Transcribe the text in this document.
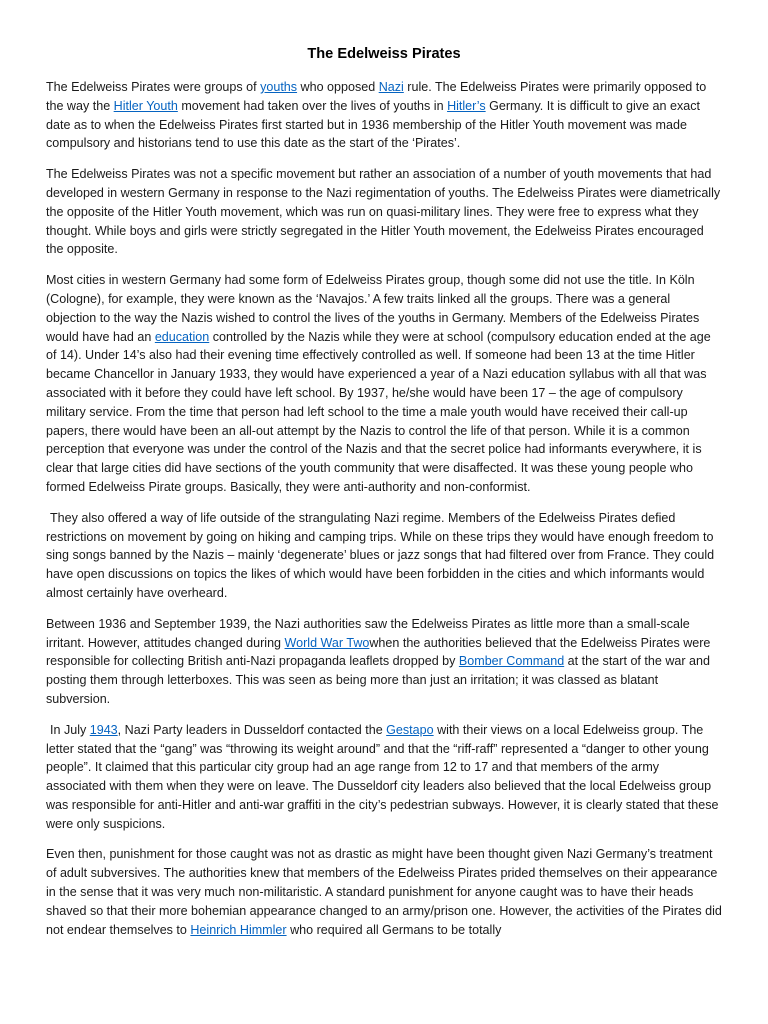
The Edelweiss Pirates

The Edelweiss Pirates were groups of youths who opposed Nazi rule. The Edelweiss Pirates were primarily opposed to the way the Hitler Youth movement had taken over the lives of youths in Hitler’s Germany. It is difficult to give an exact date as to when the Edelweiss Pirates first started but in 1936 membership of the Hitler Youth movement was made compulsory and historians tend to use this date as the start of the ‘Pirates’.

The Edelweiss Pirates was not a specific movement but rather an association of a number of youth movements that had developed in western Germany in response to the Nazi regimentation of youths. The Edelweiss Pirates were diametrically the opposite of the Hitler Youth movement, which was run on quasi-military lines. They were free to express what they thought. While boys and girls were strictly segregated in the Hitler Youth movement, the Edelweiss Pirates encouraged the opposite.

Most cities in western Germany had some form of Edelweiss Pirates group, though some did not use the title. In Köln (Cologne), for example, they were known as the ‘Navajos.’ A few traits linked all the groups. There was a general objection to the way the Nazis wished to control the lives of the youths in Germany. Members of the Edelweiss Pirates would have had an education controlled by the Nazis while they were at school (compulsory education ended at the age of 14). Under 14’s also had their evening time effectively controlled as well. If someone had been 13 at the time Hitler became Chancellor in January 1933, they would have experienced a year of a Nazi education syllabus with all that was associated with it before they could have left school. By 1937, he/she would have been 17 – the age of compulsory military service. From the time that person had left school to the time a male youth would have received their call-up papers, there would have been an all-out attempt by the Nazis to control the life of that person. While it is a common perception that everyone was under the control of the Nazis and that the secret police had informants everywhere, it is clear that large cities did have sections of the youth community that were disaffected. It was these young people who formed Edelweiss Pirate groups. Basically, they were anti-authority and non-conformist.

They also offered a way of life outside of the strangulating Nazi regime. Members of the Edelweiss Pirates defied restrictions on movement by going on hiking and camping trips. While on these trips they would have enough freedom to sing songs banned by the Nazis – mainly ‘degenerate’ blues or jazz songs that had filtered over from France. They could have open discussions on topics the likes of which would have been forbidden in the cities and which informants would almost certainly have overheard.

Between 1936 and September 1939, the Nazi authorities saw the Edelweiss Pirates as little more than a small-scale irritant. However, attitudes changed during World War Twowhen the authorities believed that the Edelweiss Pirates were responsible for collecting British anti-Nazi propaganda leaflets dropped by Bomber Command at the start of the war and posting them through letterboxes. This was seen as being more than just an irritation; it was classed as blatant subversion.

In July 1943, Nazi Party leaders in Dusseldorf contacted the Gestapo with their views on a local Edelweiss group. The letter stated that the “gang” was “throwing its weight around” and that the “riff-raff” represented a “danger to other young people”. It claimed that this particular city group had an age range from 12 to 17 and that members of the army associated with them when they were on leave. The Dusseldorf city leaders also believed that the local Edelweiss group was responsible for anti-Hitler and anti-war graffiti in the city’s pedestrian subways. However, it is clearly stated that these were only suspicions.

Even then, punishment for those caught was not as drastic as might have been thought given Nazi Germany’s treatment of adult subversives. The authorities knew that members of the Edelweiss Pirates prided themselves on their appearance in the sense that it was very much non-militaristic. A standard punishment for anyone caught was to have their heads shaved so that their more bohemian appearance changed to an army/prison one. However, the activities of the Pirates did not endear themselves to Heinrich Himmler who required all Germans to be totally
